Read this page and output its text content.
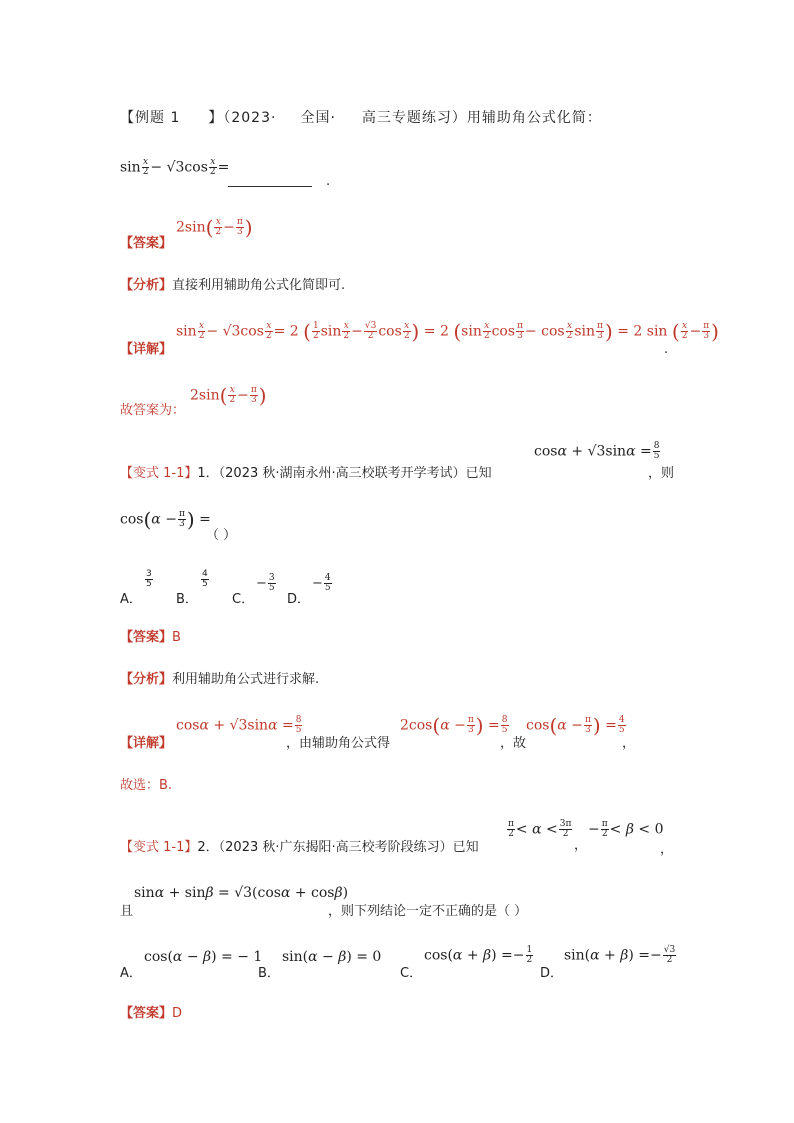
【例题 1 】（2023· 全国· 高三专题练习）用辅助角公式化简：
$\sin \frac{x}{2} - √3\cos \frac{x}{2}$ =
.
$2\sin( \frac{x}{2} - \frac{\pi}{3}$ )
【答案】
【分析】直接利用辅助角公式化简即可.
$\sin \frac{x}{2} - √3\cos \frac{x}{2} = 2$ ( $\frac{1}{2}$ $\sin \frac{x}{2} - \frac{√3}{2}$ $\cos \frac{x}{2}$ ) = 2 ($\sin \frac{x}{2}$ $\cos \frac{\pi}{3} - \cos \frac{x}{2}$ $\sin \frac{\pi}{3}$ ) = 2 sin ( $\frac{x}{2} - \frac{\pi}{3}$ )
【详解】	.
$2\sin( \frac{x}{2} - \frac{\pi}{3}$ )
故答案为：
$\cos\alpha + √3\sin\alpha = \frac{8}{5}$
【变式 1-1】1．（2023 秋·湖南永州·高三校联考开学考试）已知	，则
$\cos(\alpha - \frac{\pi}{3}$ ) =
（ ）
A．
$\frac{3}{5}$
B．
$\frac{4}{5}$
C．
− $\frac{3}{5}$
D．
− $\frac{4}{5}$
【答案】B
【分析】利用辅助角公式进行求解.
$\cos\alpha + √3\sin\alpha = \frac{8}{5}$
【详解】	，由辅助角公式得
$2\cos(\alpha - \frac{\pi}{3}$ ) = $\frac{8}{5}$
，故
$\cos(\alpha - \frac{\pi}{3}$ ) = $\frac{4}{5}$
，
故选：B.
$\frac{\pi}{2} < \alpha < \frac{3\pi}{2}$
，
− $\frac{\pi}{2} < \beta < 0$
，
【变式 1-1】2．（2023 秋·广东揭阳·高三校考阶段练习）已知
sinα + sinβ = √3(cosα + cosβ)
且	，则下列结论一定不正确的是（ ）
A．
cos(α − β) = − 1
B．
sin(α − β) = 0
C．
$\cos(\alpha + \beta) =- \frac{1}{2}$
D．
$\sin(\alpha + \beta) =- \frac{√3}{2}$
【答案】D
